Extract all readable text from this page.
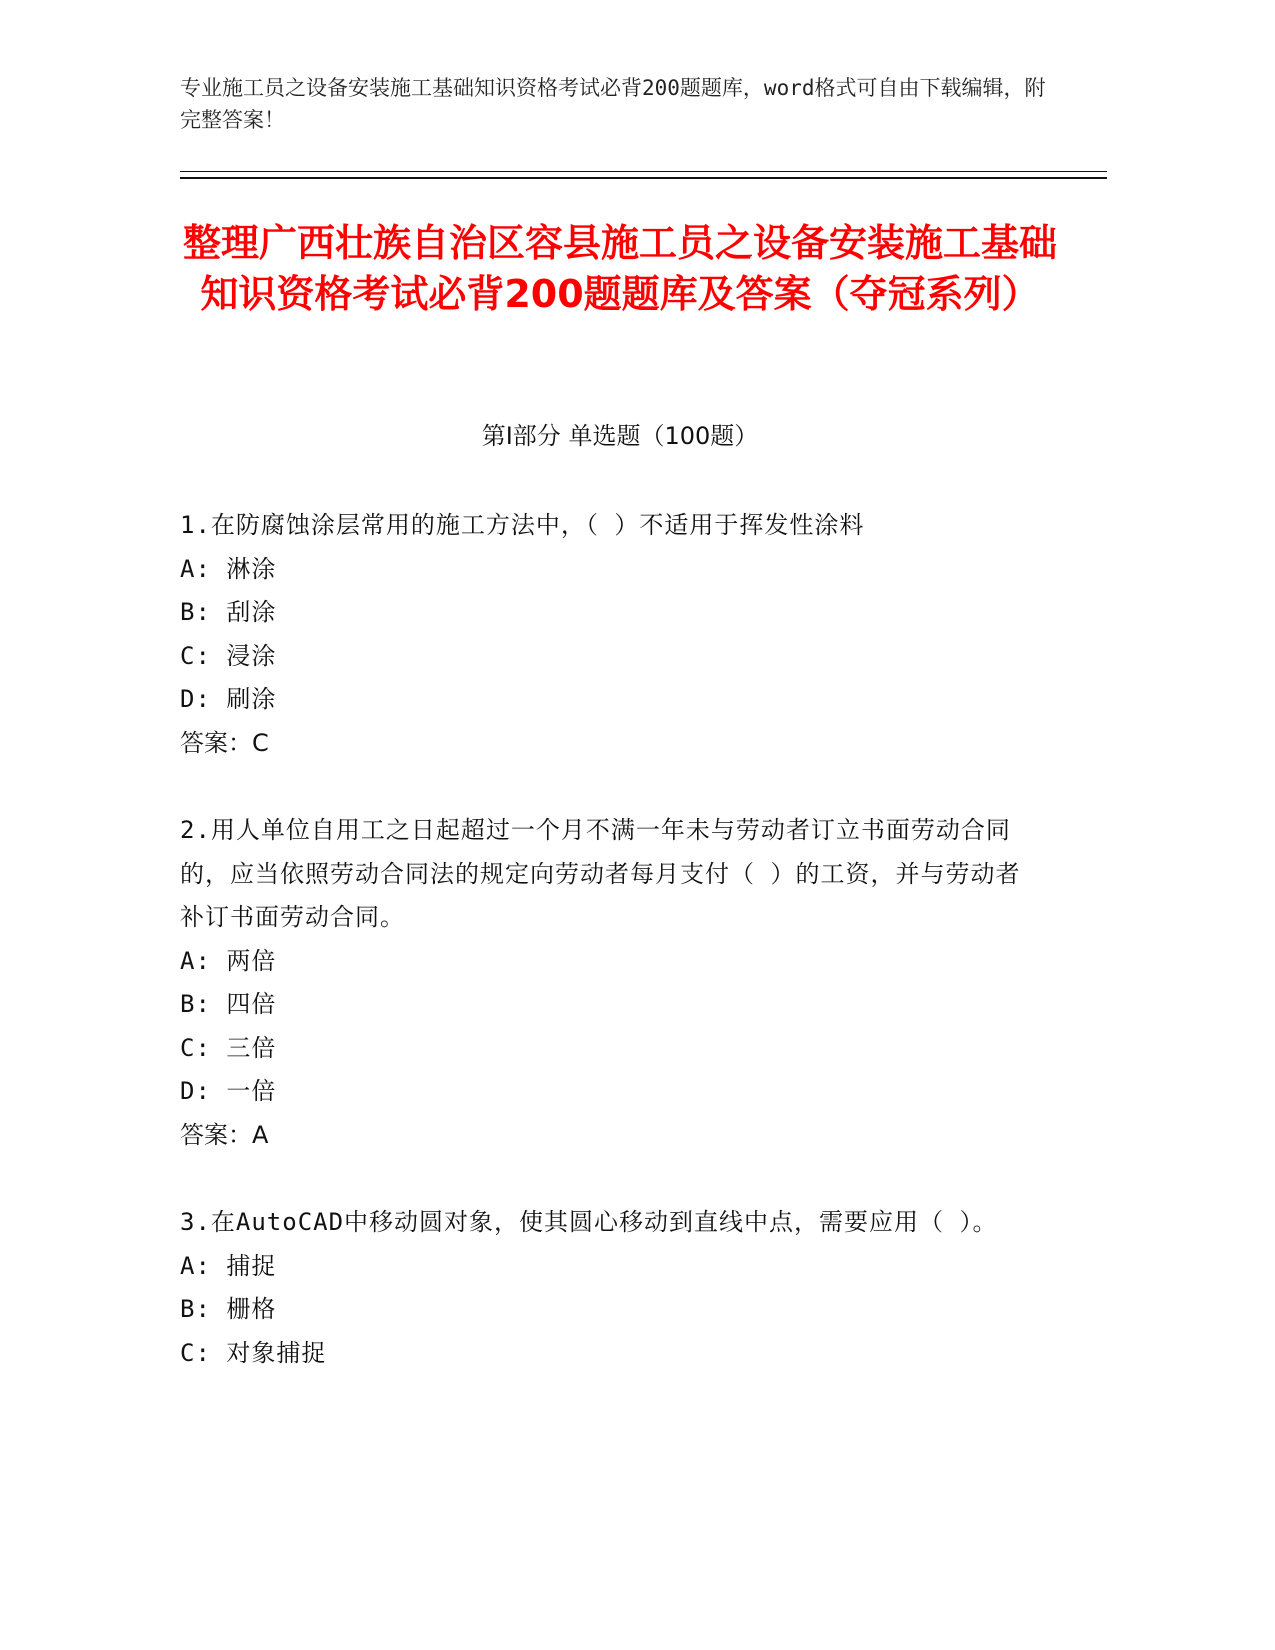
专业施工员之设备安装施工基础知识资格考试必背200题题库，word格式可自由下载编辑，附完整答案！
整理广西壮族自治区容县施工员之设备安装施工基础知识资格考试必背200题题库及答案（夺冠系列）
第I部分 单选题（100题）
1.在防腐蚀涂层常用的施工方法中，（ ）不适用于挥发性涂料
A: 淋涂
B: 刮涂
C: 浸涂
D: 刷涂
答案：C
2.用人单位自用工之日起超过一个月不满一年未与劳动者订立书面劳动合同的，应当依照劳动合同法的规定向劳动者每月支付（ ）的工资，并与劳动者补订书面劳动合同。
A: 两倍
B: 四倍
C: 三倍
D: 一倍
答案：A
3.在AutoCAD中移动圆对象，使其圆心移动到直线中点，需要应用（ ）。
A: 捕捉
B: 栅格
C: 对象捕捉
